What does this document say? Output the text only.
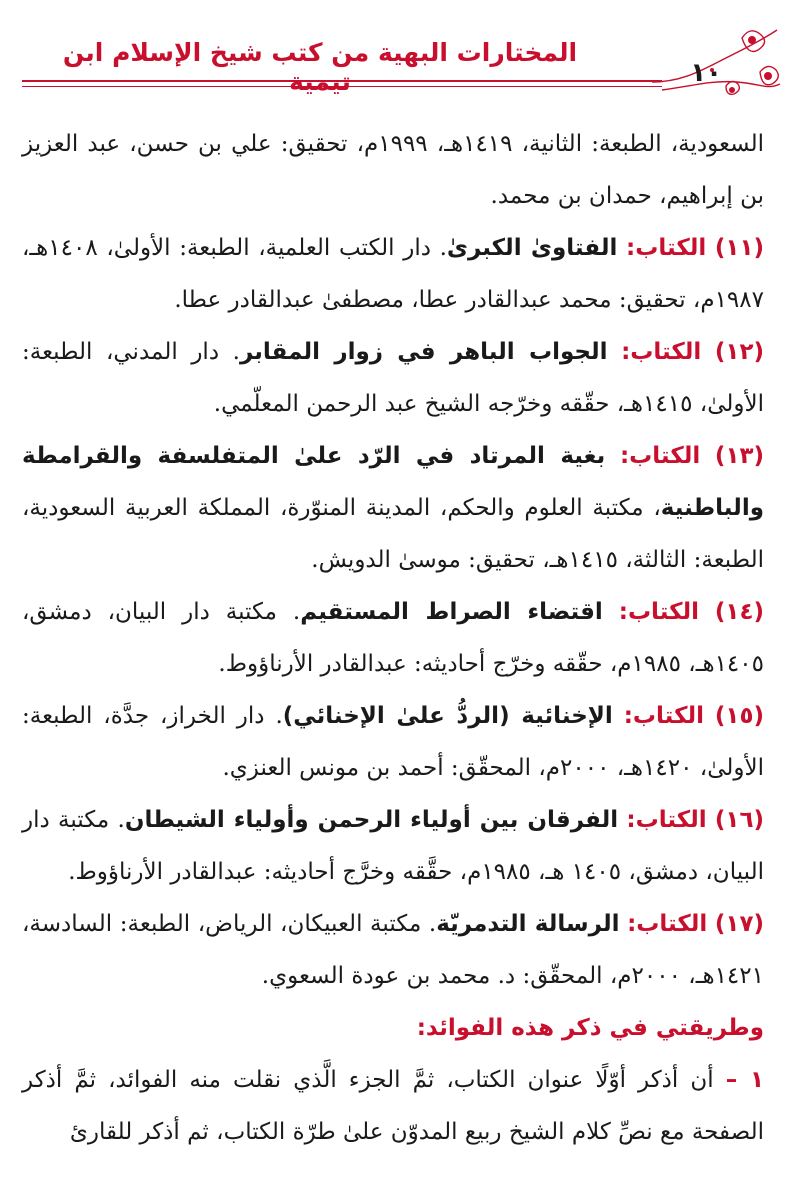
المختارات البهية من كتب شيخ الإسلام ابن
١٠

السعودية، الطبعة: الثانية، ١٤١٩هـ، ١٩٩٩م، تحقيق: علي بن حسن، عبد العزيز بن إبراهيم، حمدان بن محمد.

(١١) الكتاب: الفتاوىٰ الكبرىٰ. دار الكتب العلمية، الطبعة: الأولىٰ، ١٤٠٨هـ، ١٩٨٧م، تحقيق: محمد عبدالقادر عطا، مصطفىٰ عبدالقادر عطا.

(١٢) الكتاب: الجواب الباهر في زوار المقابر. دار المدني، الطبعة: الأولىٰ، ١٤١٥هـ، حقّقه وخرّجه الشيخ عبد الرحمن المعلّمي.

(١٣) الكتاب: بغية المرتاد في الرّد علىٰ المتفلسفة والقرامطة والباطنية، مكتبة العلوم والحكم، المدينة المنوّرة، المملكة العربية السعودية، الطبعة: الثالثة، ١٤١٥هـ، تحقيق: موسىٰ الدويش.

(١٤) الكتاب: اقتضاء الصراط المستقيم. مكتبة دار البيان، دمشق، ١٤٠٥هـ، ١٩٨٥م، حقّقه وخرّج أحاديثه: عبدالقادر الأرناؤوط.

(١٥) الكتاب: الإخنائية (الردُّ علىٰ الإخنائي). دار الخراز، جدَّة، الطبعة: الأولىٰ، ١٤٢٠هـ، ٢٠٠٠م، المحقّق: أحمد بن مونس العنزي.

(١٦) الكتاب: الفرقان بين أولياء الرحمن وأولياء الشيطان. مكتبة دار البيان، دمشق، ١٤٠٥ هـ، ١٩٨٥م، حقَّقه وخرَّج أحاديثه: عبدالقادر الأرناؤوط.

(١٧) الكتاب: الرسالة التدمريّة. مكتبة العبيكان، الرياض، الطبعة: السادسة، ١٤٢١هـ، ٢٠٠٠م، المحقّق: د. محمد بن عودة السعوي.

وطريقتي في ذكر هذه الفوائد:

١ – أن أذكر أوّلًا عنوان الكتاب، ثمَّ الجزء الَّذي نقلت منه الفوائد، ثمَّ أذكر الصفحة مع نصِّ كلام الشيخ ربيع المدوّن علىٰ طرّة الكتاب، ثم أذكر للقارئ
